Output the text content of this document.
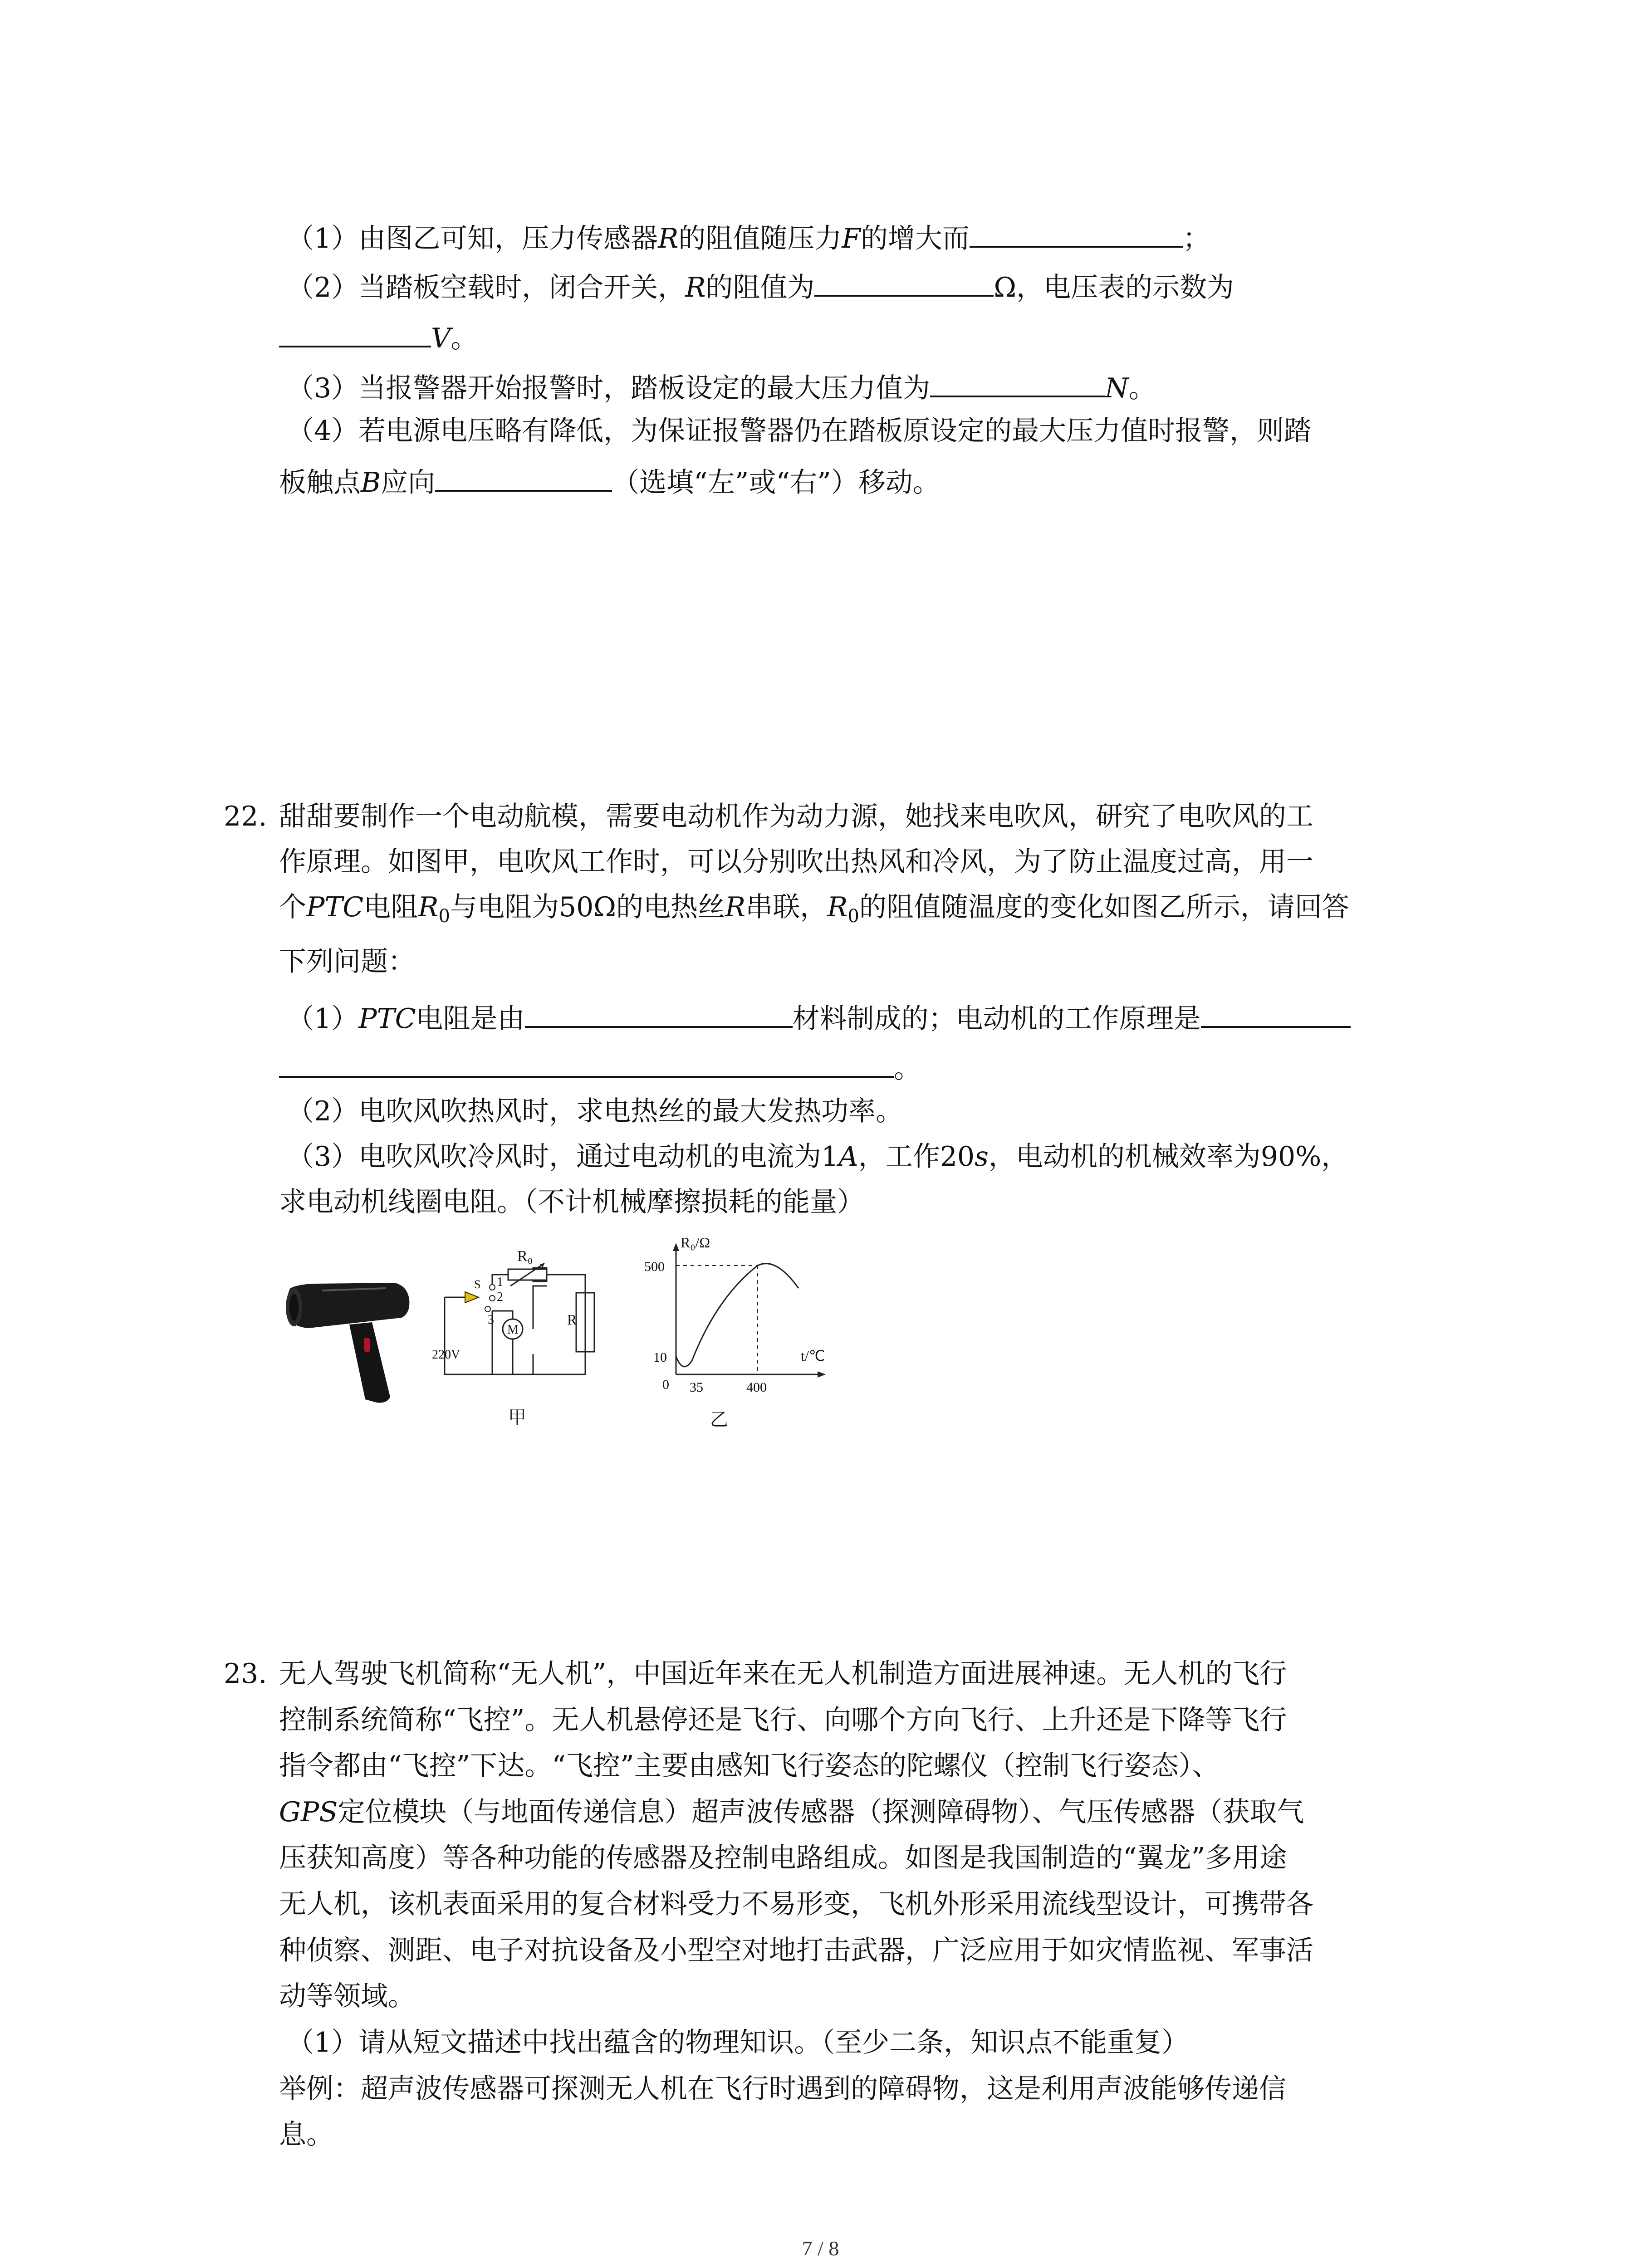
（1）由图乙可知，压力传感器R的阻值随压力F的增大而	；
（2）当踏板空载时，闭合开关，R的阻值为	Ω，电压表的示数为
V。
（3）当报警器开始报警时，踏板设定的最大压力值为	N。
（4）若电源电压略有降低，为保证报警器仍在踏板原设定的最大压力值时报警，则踏
板触点B应向	（选填“左”或“右”）移动。
22. 甜甜要制作一个电动航模，需要电动机作为动力源，她找来电吹风，研究了电吹风的工
作原理。如图甲，电吹风工作时，可以分别吹出热风和冷风，为了防止温度过高，用一
个PTC电阻$R_0$与电阻为50Ω的电热丝R串联，$R_0$的阻值随温度的变化如图乙所示，请回答
下列问题：
（1）PTC电阻是由	材料制成的；电动机的工作原理是
。
（2）电吹风吹热风时，求电热丝的最大发热功率。
（3）电吹风吹冷风时，通过电动机的电流为1A，工作20s，电动机的机械效率为90%，
求电动机线圈电阻。（不计机械摩擦损耗的能量）
R₀
S 1
2
3
M
R
220V
甲
R₀/Ω
500
10
0 35	400
t/℃
乙
23. 无人驾驶飞机简称“无人机”，中国近年来在无人机制造方面进展神速。无人机的飞行
控制系统简称“飞控”。无人机悬停还是飞行、向哪个方向飞行、上升还是下降等飞行
指令都由“飞控”下达。“飞控”主要由感知飞行姿态的陀螺仪（控制飞行姿态）、
GPS定位模块（与地面传递信息）超声波传感器（探测障碍物）、气压传感器（获取气
压获知高度）等各种功能的传感器及控制电路组成。如图是我国制造的“翼龙”多用途
无人机，该机表面采用的复合材料受力不易形变，飞机外形采用流线型设计，可携带各
种侦察、测距、电子对抗设备及小型空对地打击武器，广泛应用于如灾情监视、军事活
动等领域。
（1）请从短文描述中找出蕴含的物理知识。（至少二条，知识点不能重复）
举例：超声波传感器可探测无人机在飞行时遇到的障碍物，这是利用声波能够传递信
息。
7 / 8
